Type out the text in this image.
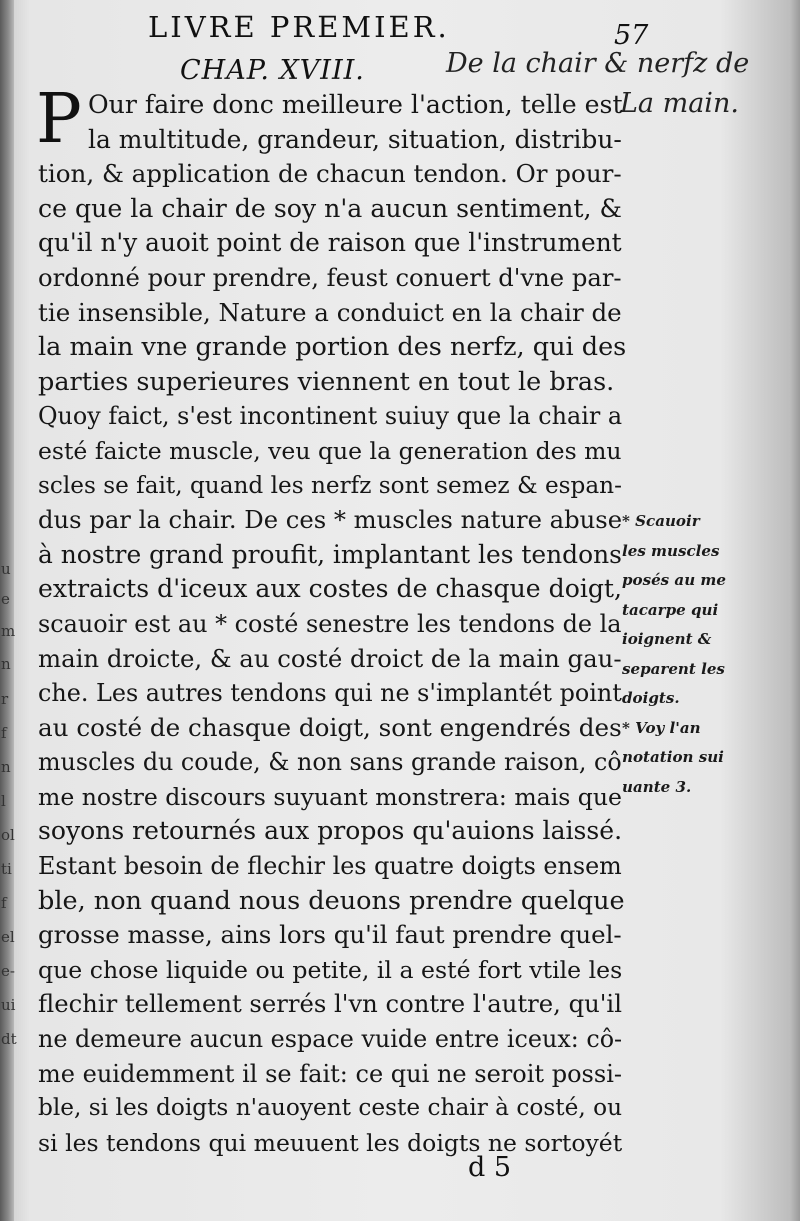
u
e
m
n
r
f
n
l
ol
ti
f
el
e-
ui
dt
LIVRE PREMIER.	57
CHAP. XVIII.	De la chair & nerfz de
La main.
P Our faire donc meilleure l'action, telle est
la multitude, grandeur, situation, distribu-
tion, & application de chacun tendon. Or pour-
ce que la chair de soy n'a aucun sentiment, &
qu'il n'y auoit point de raison que l'instrument
ordonné pour prendre, feust conuert d'vne par-
tie insensible, Nature a conduict en la chair de
la main vne grande portion des nerfz, qui des
parties superieures viennent en tout le bras.
Quoy faict, s'est incontinent suiuy que la chair a
esté faicte muscle, veu que la generation des mu
scles se fait, quand les nerfz sont semez & espan-
dus par la chair. De ces * muscles nature abuse
à nostre grand proufit, implantant les tendons
extraicts d'iceux aux costes de chasque doigt,
scauoir est au * costé senestre les tendons de la
main droicte, & au costé droict de la main gau-
che. Les autres tendons qui ne s'implantét point
au costé de chasque doigt, sont engendrés des
muscles du coude, & non sans grande raison, cô
me nostre discours suyuant monstrera: mais que
soyons retournés aux propos qu'auions laissé.
Estant besoin de flechir les quatre doigts ensem
ble, non quand nous deuons prendre quelque
grosse masse, ains lors qu'il faut prendre quel-
que chose liquide ou petite, il a esté fort vtile les
flechir tellement serrés l'vn contre l'autre, qu'il
ne demeure aucun espace vuide entre iceux: cô-
me euidemment il se fait: ce qui ne seroit possi-
ble, si les doigts n'auoyent ceste chair à costé, ou
si les tendons qui meuuent les doigts ne sortoyét
* Scauoir
les muscles
posés au me
tacarpe qui
ioignent &
separent les
doigts.
* Voy l'an
notation sui
uante 3.
d 5
